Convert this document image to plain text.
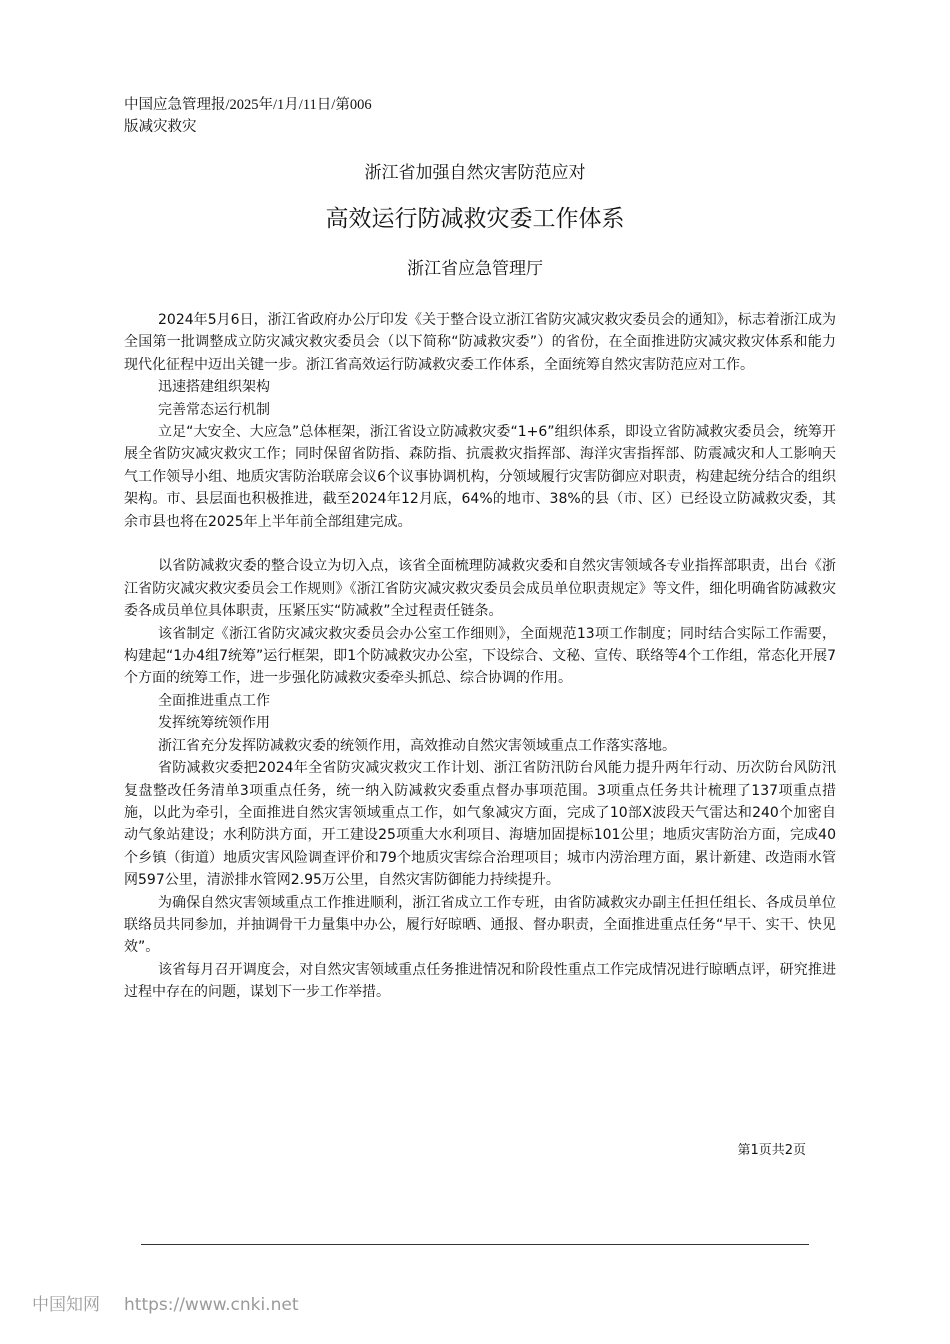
中国应急管理报/2025年/1月/11日/第006
版减灾救灾
浙江省加强自然灾害防范应对
高效运行防减救灾委工作体系
浙江省应急管理厅

2024年5月6日，浙江省政府办公厅印发《关于整合设立浙江省防灾减灾救灾委员会的通知》，标志着浙江成为全国第一批调整成立防灾减灾救灾委员会（以下简称“防减救灾委”）的省份，在全面推进防灾减灾救灾体系和能力现代化征程中迈出关键一步。浙江省高效运行防减救灾委工作体系，全面统筹自然灾害防范应对工作。

迅速搭建组织架构

完善常态运行机制

立足“大安全、大应急”总体框架，浙江省设立防减救灾委“1+6”组织体系，即设立省防减救灾委员会，统筹开展全省防灾减灾救灾工作；同时保留省防指、森防指、抗震救灾指挥部、海洋灾害指挥部、防震减灾和人工影响天气工作领导小组、地质灾害防治联席会议6个议事协调机构，分领域履行灾害防御应对职责，构建起统分结合的组织架构。市、县层面也积极推进，截至2024年12月底，64%的地市、38%的县（市、区）已经设立防减救灾委，其余市县也将在2025年上半年前全部组建完成。

以省防减救灾委的整合设立为切入点，该省全面梳理防减救灾委和自然灾害领域各专业指挥部职责，出台《浙江省防灾减灾救灾委员会工作规则》《浙江省防灾减灾救灾委员会成员单位职责规定》等文件，细化明确省防减救灾委各成员单位具体职责，压紧压实“防减救”全过程责任链条。

该省制定《浙江省防灾减灾救灾委员会办公室工作细则》，全面规范13项工作制度；同时结合实际工作需要，构建起“1办4组7统筹”运行框架，即1个防减救灾办公室，下设综合、文秘、宣传、联络等4个工作组，常态化开展7个方面的统筹工作，进一步强化防减救灾委牵头抓总、综合协调的作用。

全面推进重点工作

发挥统筹统领作用

浙江省充分发挥防减救灾委的统领作用，高效推动自然灾害领域重点工作落实落地。

省防减救灾委把2024年全省防灾减灾救灾工作计划、浙江省防汛防台风能力提升两年行动、历次防台风防汛复盘整改任务清单3项重点任务，统一纳入防减救灾委重点督办事项范围。3项重点任务共计梳理了137项重点措施，以此为牵引，全面推进自然灾害领域重点工作，如气象减灾方面，完成了10部X波段天气雷达和240个加密自动气象站建设；水利防洪方面，开工建设25项重大水利项目、海塘加固提标101公里；地质灾害防治方面，完成40个乡镇（街道）地质灾害风险调查评价和79个地质灾害综合治理项目；城市内涝治理方面，累计新建、改造雨水管网597公里，清淤排水管网2.95万公里，自然灾害防御能力持续提升。

为确保自然灾害领域重点工作推进顺利，浙江省成立工作专班，由省防减救灾办副主任担任组长、各成员单位联络员共同参加，并抽调骨干力量集中办公，履行好晾晒、通报、督办职责，全面推进重点任务“早干、实干、快见效”。

该省每月召开调度会，对自然灾害领域重点任务推进情况和阶段性重点工作完成情况进行晾晒点评，研究推进过程中存在的问题，谋划下一步工作举措。

第1页共2页
中国知网 https://www.cnki.net
